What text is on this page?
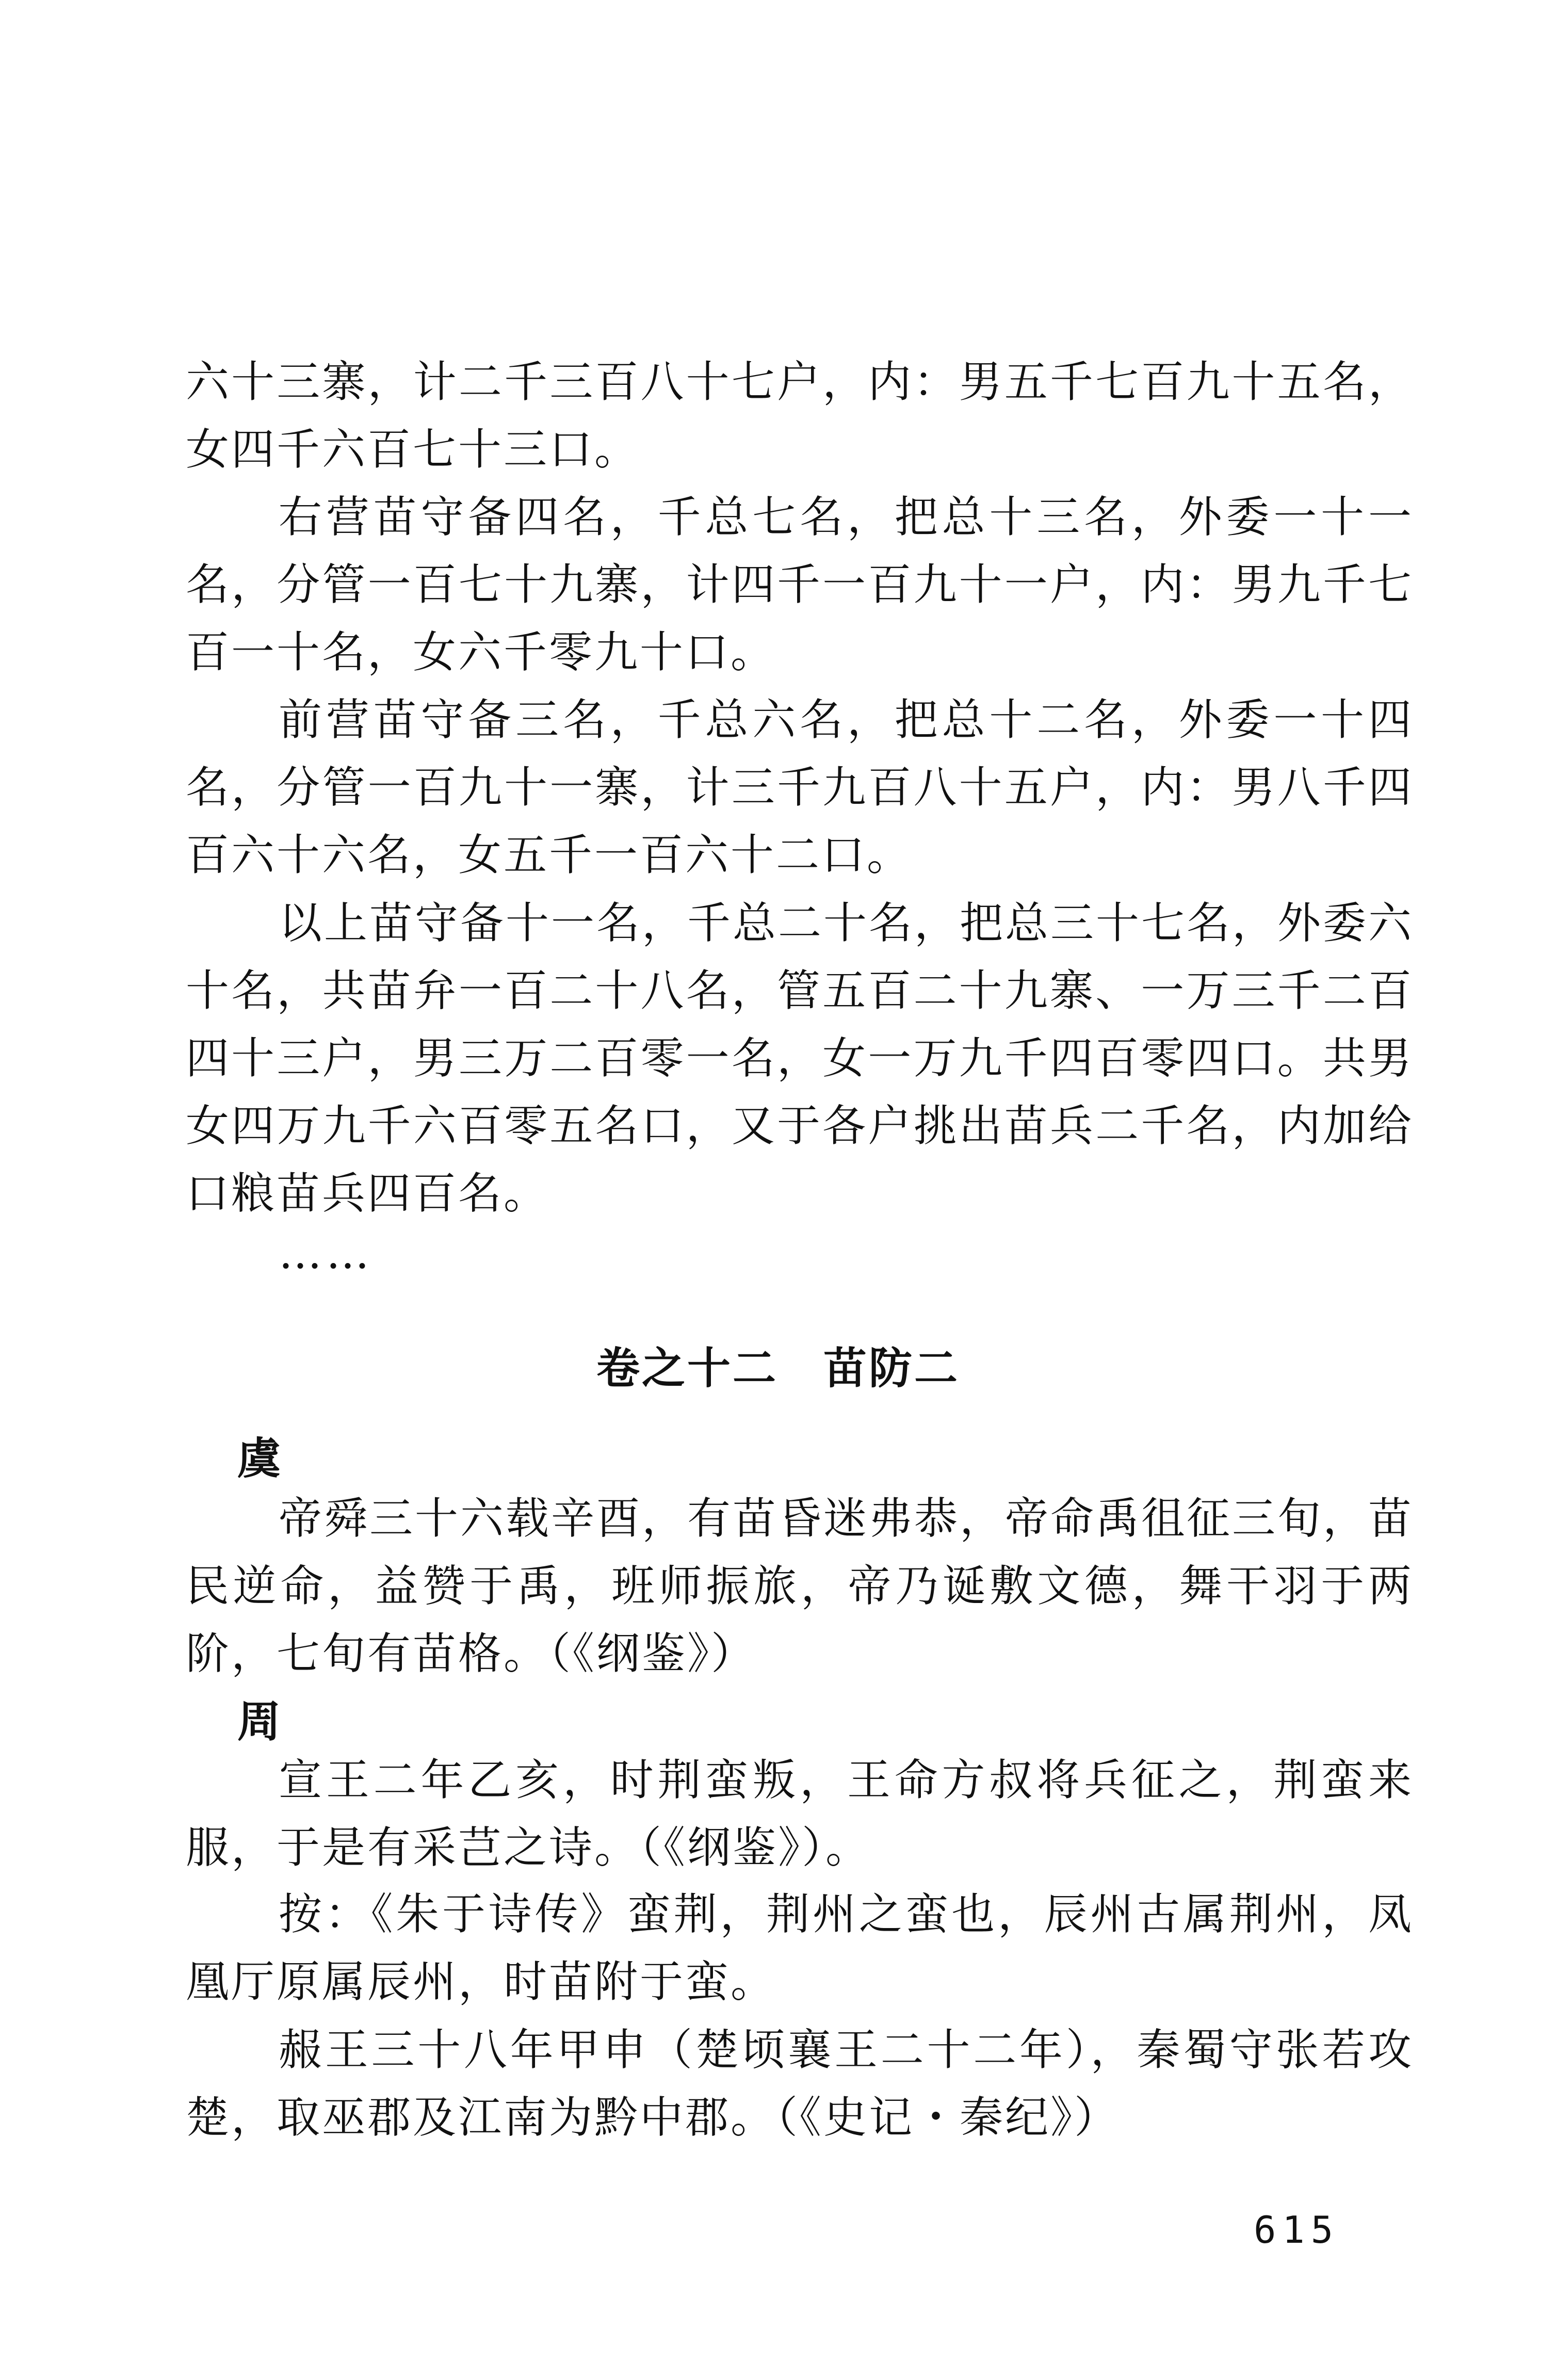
六十三寨，计二千三百八十七户，内：男五千七百九十五名，女四千六百七十三口。
右营苗守备四名，千总七名，把总十三名，外委一十一名，分管一百七十九寨，计四千一百九十一户，内：男九千七百一十名，女六千零九十口。
前营苗守备三名，千总六名，把总十二名，外委一十四名，分管一百九十一寨，计三千九百八十五户，内：男八千四百六十六名，女五千一百六十二口。
以上苗守备十一名，千总二十名，把总三十七名，外委六十名，共苗弁一百二十八名，管五百二十九寨、一万三千二百四十三户，男三万二百零一名，女一万九千四百零四口。共男女四万九千六百零五名口，又于各户挑出苗兵二千名，内加给口粮苗兵四百名。
……
卷之十二　苗防二
虞
帝舜三十六载辛酉，有苗昏迷弗恭，帝命禹徂征三旬，苗民逆命，益赞于禹，班师振旅，帝乃诞敷文德，舞干羽于两阶，七旬有苗格。（《纲鉴》）
周
宣王二年乙亥，时荆蛮叛，王命方叔将兵征之，荆蛮来服，于是有采芑之诗。（《纲鉴》）。
按：《朱于诗传》蛮荆，荆州之蛮也，辰州古属荆州，凤凰厅原属辰州，时苗附于蛮。
赧王三十八年甲申（楚顷襄王二十二年），秦蜀守张若攻楚，取巫郡及江南为黔中郡。（《史记・秦纪》）
615
